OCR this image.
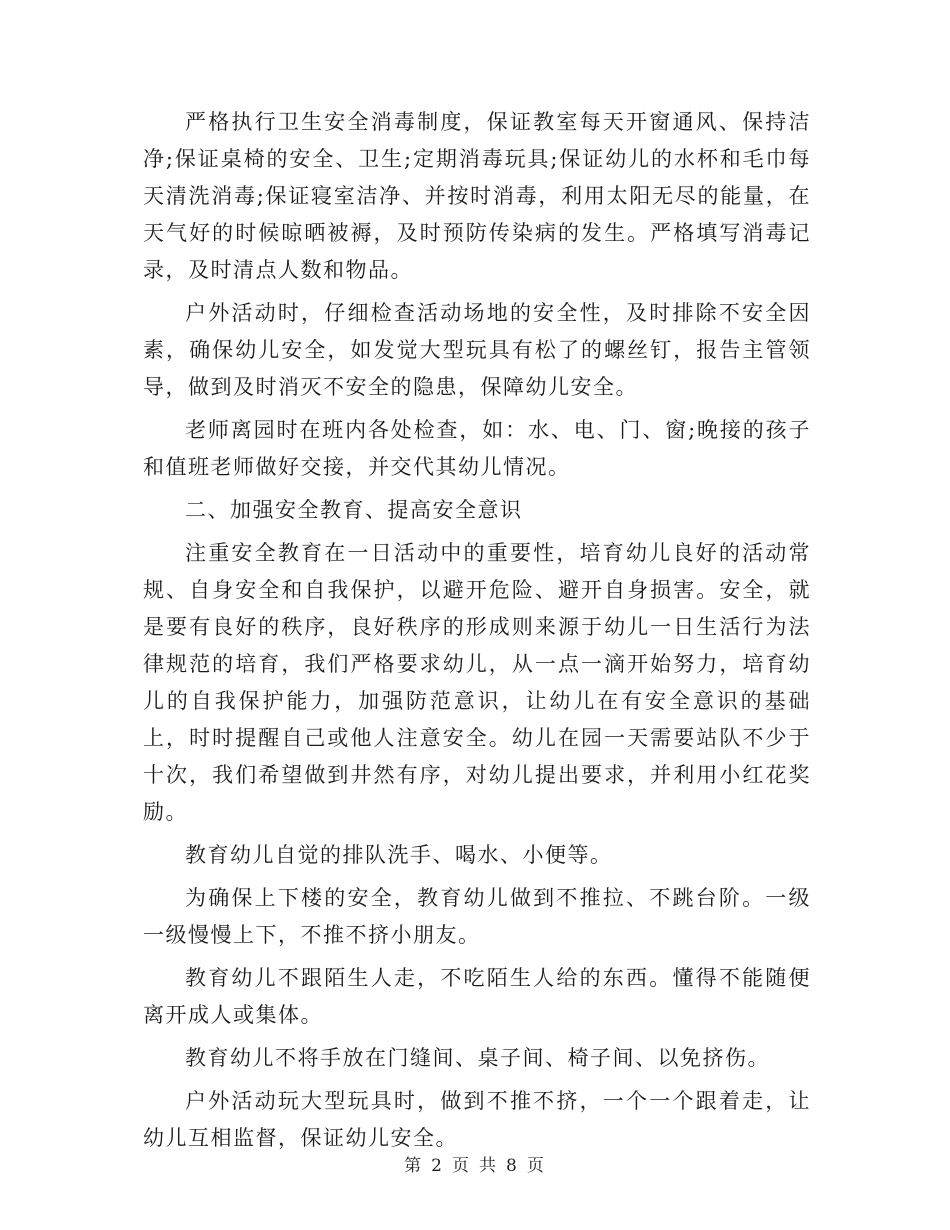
严格执行卫生安全消毒制度，保证教室每天开窗通风、保持洁净;保证桌椅的安全、卫生;定期消毒玩具;保证幼儿的水杯和毛巾每天清洗消毒;保证寝室洁净、并按时消毒，利用太阳无尽的能量，在天气好的时候晾晒被褥，及时预防传染病的发生。严格填写消毒记录，及时清点人数和物品。

户外活动时，仔细检查活动场地的安全性，及时排除不安全因素，确保幼儿安全，如发觉大型玩具有松了的螺丝钉，报告主管领导，做到及时消灭不安全的隐患，保障幼儿安全。

老师离园时在班内各处检查，如：水、电、门、窗;晚接的孩子和值班老师做好交接，并交代其幼儿情况。

二、加强安全教育、提高安全意识

注重安全教育在一日活动中的重要性，培育幼儿良好的活动常规、自身安全和自我保护，以避开危险、避开自身损害。安全，就是要有良好的秩序，良好秩序的形成则来源于幼儿一日生活行为法律规范的培育，我们严格要求幼儿，从一点一滴开始努力，培育幼儿的自我保护能力，加强防范意识，让幼儿在有安全意识的基础上，时时提醒自己或他人注意安全。幼儿在园一天需要站队不少于十次，我们希望做到井然有序，对幼儿提出要求，并利用小红花奖励。

教育幼儿自觉的排队洗手、喝水、小便等。

为确保上下楼的安全，教育幼儿做到不推拉、不跳台阶。一级一级慢慢上下，不推不挤小朋友。

教育幼儿不跟陌生人走，不吃陌生人给的东西。懂得不能随便离开成人或集体。

教育幼儿不将手放在门缝间、桌子间、椅子间、以免挤伤。

户外活动玩大型玩具时，做到不推不挤，一个一个跟着走，让幼儿互相监督，保证幼儿安全。

第 2 页 共 8 页
